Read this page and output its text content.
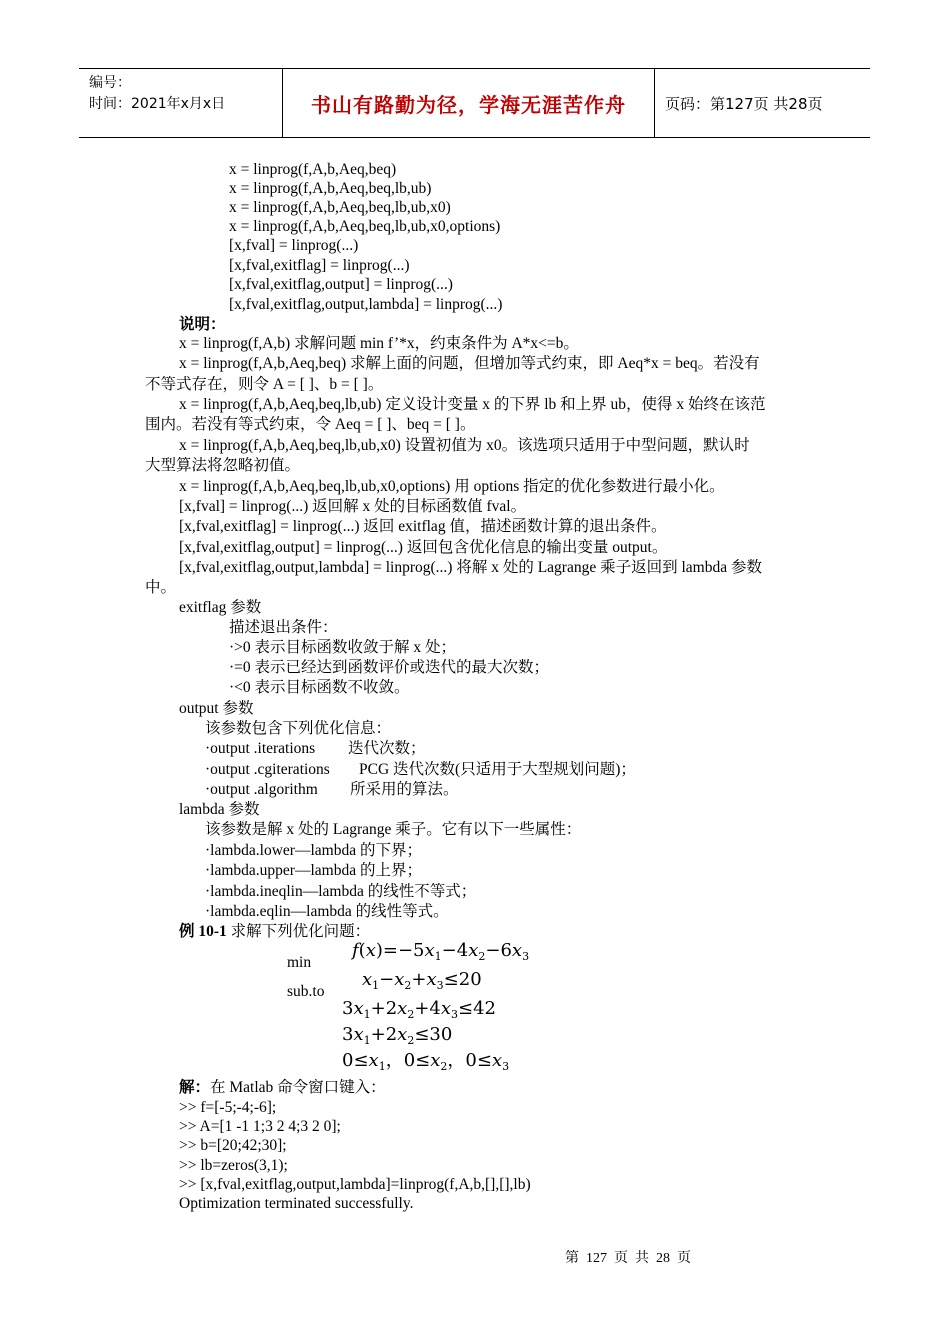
编号：
时间：2021年x月x日	书山有路勤为径，学海无涯苦作舟	页码：第127页 共28页
x = linprog(f,A,b,Aeq,beq)
x = linprog(f,A,b,Aeq,beq,lb,ub)
x = linprog(f,A,b,Aeq,beq,lb,ub,x0)
x = linprog(f,A,b,Aeq,beq,lb,ub,x0,options)
[x,fval] = linprog(...)
[x,fval,exitflag] = linprog(...)
[x,fval,exitflag,output] = linprog(...)
[x,fval,exitflag,output,lambda] = linprog(...)
说明：
x = linprog(f,A,b) 求解问题 min f’*x，约束条件为 A*x<=b。
x = linprog(f,A,b,Aeq,beq) 求解上面的问题，但增加等式约束，即 Aeq*x = beq。若没有
不等式存在，则令 A = [ ]、b = [ ]。
x = linprog(f,A,b,Aeq,beq,lb,ub) 定义设计变量 x 的下界 lb 和上界 ub，使得 x 始终在该范
围内。若没有等式约束，令 Aeq = [ ]、beq = [ ]。
x = linprog(f,A,b,Aeq,beq,lb,ub,x0) 设置初值为 x0。该选项只适用于中型问题，默认时
大型算法将忽略初值。
x = linprog(f,A,b,Aeq,beq,lb,ub,x0,options) 用 options 指定的优化参数进行最小化。
[x,fval] = linprog(...) 返回解 x 处的目标函数值 fval。
[x,fval,exitflag] = linprog(...) 返回 exitflag 值，描述函数计算的退出条件。
[x,fval,exitflag,output] = linprog(...) 返回包含优化信息的输出变量 output。
[x,fval,exitflag,output,lambda] = linprog(...) 将解 x 处的 Lagrange 乘子返回到 lambda 参数
中。
exitflag 参数
描述退出条件：
·>0 表示目标函数收敛于解 x 处；
·=0 表示已经达到函数评价或迭代的最大次数；
·<0 表示目标函数不收敛。
output 参数
该参数包含下列优化信息：
·output .iterations 迭代次数；
·output .cgiterations PCG 迭代次数(只适用于大型规划问题)；
·output .algorithm 所采用的算法。
lambda 参数
该参数是解 x 处的 Lagrange 乘子。它有以下一些属性：
·lambda.lower—lambda 的下界；
·lambda.upper—lambda 的上界；
·lambda.ineqlin—lambda 的线性不等式；
·lambda.eqlin—lambda 的线性等式。
例 10-1 求解下列优化问题：
min
sub.to
$f(x)=-5x_1-4x_2-6x_3$
$x_1-x_2+x_3\le 20$
$3x_1+2x_2+4x_3\le 42$
$3x_1+2x_2\le 30$
$0\le x_1$，$0\le x_2$，$0\le x_3$
解：在 Matlab 命令窗口键入：
>> f=[-5;-4;-6];
>> A=[1 -1 1;3 2 4;3 2 0];
>> b=[20;42;30];
>> lb=zeros(3,1);
>> [x,fval,exitflag,output,lambda]=linprog(f,A,b,[],[],lb)
Optimization terminated successfully.
第  127  页  共  28  页
